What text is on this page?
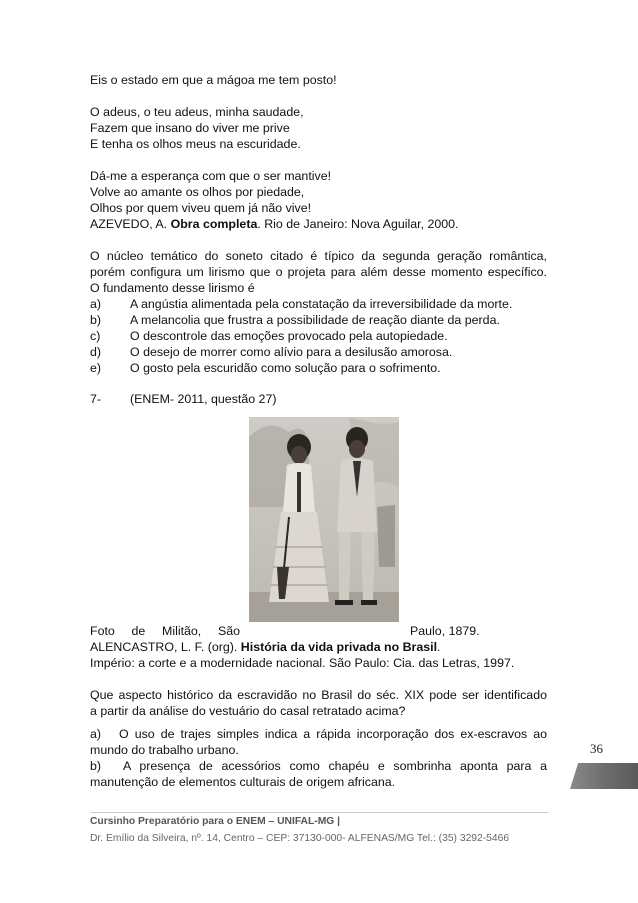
Eis o estado em que a mágoa me tem posto!
O adeus, o teu adeus, minha saudade,
Fazem que insano do viver me prive
E tenha os olhos meus na escuridade.
Dá-me a esperança com que o ser mantive!
Volve ao amante os olhos por piedade,
Olhos por quem viveu quem já não vive!
AZEVEDO, A. Obra completa. Rio de Janeiro: Nova Aguilar, 2000.
O núcleo temático do soneto citado é típico da segunda geração romântica,
porém configura um lirismo que o projeta para além desse momento específico.
O fundamento desse lirismo é
a) A angústia alimentada pela constatação da irreversibilidade da morte.
b) A melancolia que frustra a possibilidade de reação diante da perda.
c) O descontrole das emoções provocado pela autopiedade.
d) O desejo de morrer como alívio para a desilusão amorosa.
e) O gosto pela escuridão como solução para o sofrimento.
7- (ENEM- 2011, questão 27)
Foto de Militão, São	Paulo, 1879.
ALENCASTRO, L. F. (org). História da vida privada no Brasil.
Império: a corte e a modernidade nacional. São Paulo: Cia. das Letras, 1997.
Que aspecto histórico da escravidão no Brasil do séc. XIX pode ser identificado
a partir da análise do vestuário do casal retratado acima?
a) O uso de trajes simples indica a rápida incorporação dos ex-escravos ao
mundo do trabalho urbano.
b) A presença de acessórios como chapéu e sombrinha aponta para a
manutenção de elementos culturais de origem africana.
36
Cursinho Preparatório para o ENEM – UNIFAL-MG |
Dr. Emílio da Silveira, nº. 14, Centro – CEP: 37130-000- ALFENAS/MG Tel.: (35) 3292-5466
